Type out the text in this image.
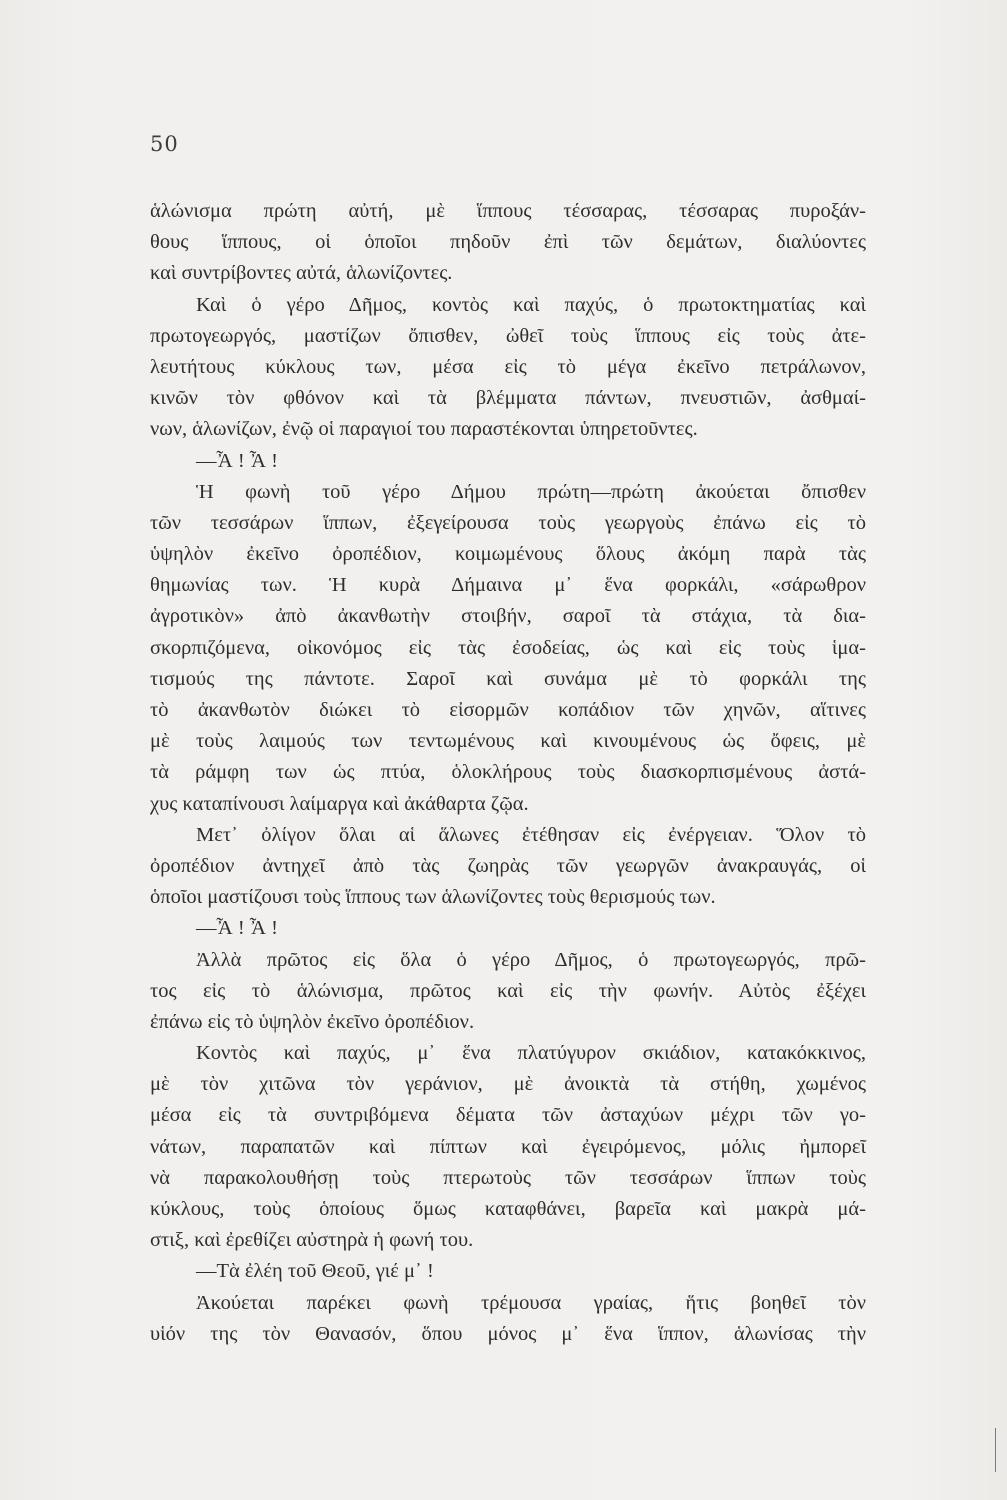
50
ἁλώνισμα πρώτη αὐτή, μὲ ἵππους τέσσαρας, τέσσαρας πυροξάν-
θους ἵππους, οἱ ὁποῖοι πηδοῦν ἐπὶ τῶν δεμάτων, διαλύοντες
καὶ συντρίβοντες αὐτά, ἁλωνίζοντες.
Καὶ ὁ γέρο Δῆμος, κοντὸς καὶ παχύς, ὁ πρωτοκτηματίας καὶ
πρωτογεωργός, μαστίζων ὄπισθεν, ὠθεῖ τοὺς ἵππους εἰς τοὺς ἀτε-
λευτήτους κύκλους των, μέσα εἰς τὸ μέγα ἐκεῖνο πετράλωνον,
κινῶν τὸν φθόνον καὶ τὰ βλέμματα πάντων, πνευστιῶν, ἀσθμαί-
νων, ἁλωνίζων, ἐνῷ οἱ παραγιοί του παραστέκονται ὑπηρετοῦντες.
—Ἆ ! Ἆ !
Ἡ φωνὴ τοῦ γέρο Δήμου πρώτη—πρώτη ἀκούεται ὄπισθεν
τῶν τεσσάρων ἵππων, ἐξεγείρουσα τοὺς γεωργοὺς ἐπάνω εἰς τὸ
ὑψηλὸν ἐκεῖνο ὀροπέδιον, κοιμωμένους ὅλους ἀκόμη παρὰ τὰς
θημωνίας των. Ἡ κυρὰ Δήμαινα μ᾽ ἕνα φορκάλι, «σάρωθρον
ἀγροτικὸν» ἀπὸ ἀκανθωτὴν στοιβήν, σαροῖ τὰ στάχια, τὰ δια-
σκορπιζόμενα, οἰκονόμος εἰς τὰς ἐσοδείας, ὡς καὶ εἰς τοὺς ἱμα-
τισμούς της πάντοτε. Σαροῖ καὶ συνάμα μὲ τὸ φορκάλι της
τὸ ἀκανθωτὸν διώκει τὸ εἰσορμῶν κοπάδιον τῶν χηνῶν, αἵτινες
μὲ τοὺς λαιμούς των τεντωμένους καὶ κινουμένους ὡς ὄφεις, μὲ
τὰ ράμφη των ὡς πτύα, ὁλοκλήρους τοὺς διασκορπισμένους ἀστά-
χυς καταπίνουσι λαίμαργα καὶ ἀκάθαρτα ζῷα.
Μετ᾽ ὀλίγον ὅλαι αἱ ἅλωνες ἐτέθησαν εἰς ἐνέργειαν. Ὅλον τὸ
ὀροπέδιον ἀντηχεῖ ἀπὸ τὰς ζωηρὰς τῶν γεωργῶν ἀνακραυγάς, οἱ
ὁποῖοι μαστίζουσι τοὺς ἵππους των ἁλωνίζοντες τοὺς θερισμούς των.
—Ἆ ! Ἆ !
Ἀλλὰ πρῶτος εἰς ὅλα ὁ γέρο Δῆμος, ὁ πρωτογεωργός, πρῶ-
τος εἰς τὸ ἁλώνισμα, πρῶτος καὶ εἰς τὴν φωνήν. Αὐτὸς ἐξέχει
ἐπάνω εἰς τὸ ὑψηλὸν ἐκεῖνο ὀροπέδιον.
Κοντὸς καὶ παχύς, μ᾽ ἕνα πλατύγυρον σκιάδιον, κατακόκκινος,
μὲ τὸν χιτῶνα τὸν γεράνιον, μὲ ἀνοικτὰ τὰ στήθη, χωμένος
μέσα εἰς τὰ συντριβόμενα δέματα τῶν ἀσταχύων μέχρι τῶν γο-
νάτων, παραπατῶν καὶ πίπτων καὶ ἐγειρόμενος, μόλις ἠμπορεῖ
νὰ παρακολουθήσῃ τοὺς πτερωτοὺς τῶν τεσσάρων ἵππων τοὺς
κύκλους, τοὺς ὁποίους ὅμως καταφθάνει, βαρεῖα καὶ μακρὰ μά-
στιξ, καὶ ἐρεθίζει αὐστηρὰ ἡ φωνή του.
—Τὰ ἐλέη τοῦ Θεοῦ, γιέ μ᾽ !
Ἀκούεται παρέκει φωνὴ τρέμουσα γραίας, ἥτις βοηθεῖ τὸν
υἱόν της τὸν Θανασόν, ὅπου μόνος μ᾽ ἕνα ἵππον, ἁλωνίσας τὴν
